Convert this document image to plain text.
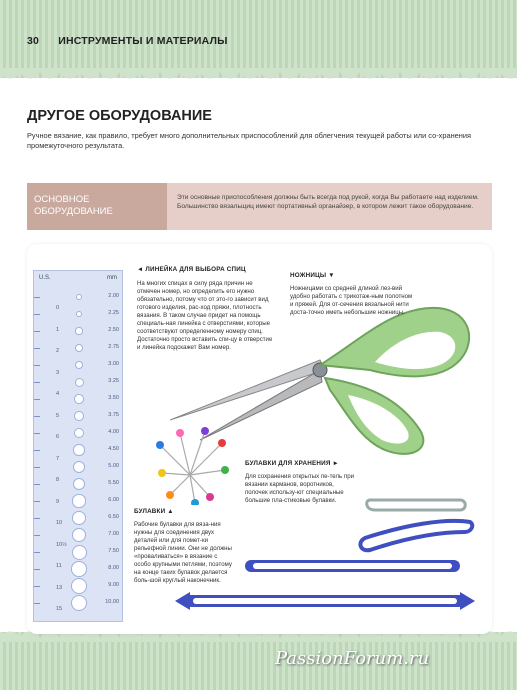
30 ИНСТРУМЕНТЫ И МАТЕРИАЛЫ
ДРУГОЕ ОБОРУДОВАНИЕ
Ручное вязание, как правило, требует много дополнительных приспособлений для облегчения текущей работы или со-хранения промежуточного результата.
ОСНОВНОЕ ОБОРУДОВАНИЕ
Эти основные приспособления должны быть всегда под рукой, когда Вы работаете над изделием. Большинство вязальщиц имеют портативный органайзер, в котором лежит такое оборудование.
U.S.	mm
2.00
2.25
2.50
2.75
3.00
3.25
3.50
3.75
4.00
4.50
5.00
5.50
6.00
6.50
7.00
7.50
8.00
9.00
10.00
0
1
2
3
4
5
6
7
8
9
10
10½
11
13
15
◄ ЛИНЕЙКА ДЛЯ ВЫБОРА СПИЦ
На многих спицах в силу ряда причин не отмечен номер, но определить его нужно обязательно, потому что от это-го зависит вид готового изделия, рас-ход пряжи, плотность вязания. В таком случае придет на помощь специаль-ная линейка с отверстиями, которые соответствуют определенному номеру спиц. Достаточно просто вставить спи-цу в отверстие и линейка подскажет Вам номер.
НОЖНИЦЫ ▼
Ножницами со средней длиной лез-вий удобно работать с трикотаж-ным полотном и пряжей. Для от-сечения вязальной нити доста-точно иметь небольшие ножницы.
БУЛАВКИ ДЛЯ ХРАНЕНИЯ ►
Для сохранения открытых пе-тель при вязании карманов, воротников, полочек использу-ют специальные большие пла-стиковые булавки.
БУЛАВКИ ▲
Рабочие булавки для вяза-ния нужны для соединения двух деталей или для помет-ки рельефной линии. Они не должны «проваливаться» в вязание с особо крупными петлями, поэтому на конце таких булавок делается боль-шой круглый наконечник.
PassionForum.ru
